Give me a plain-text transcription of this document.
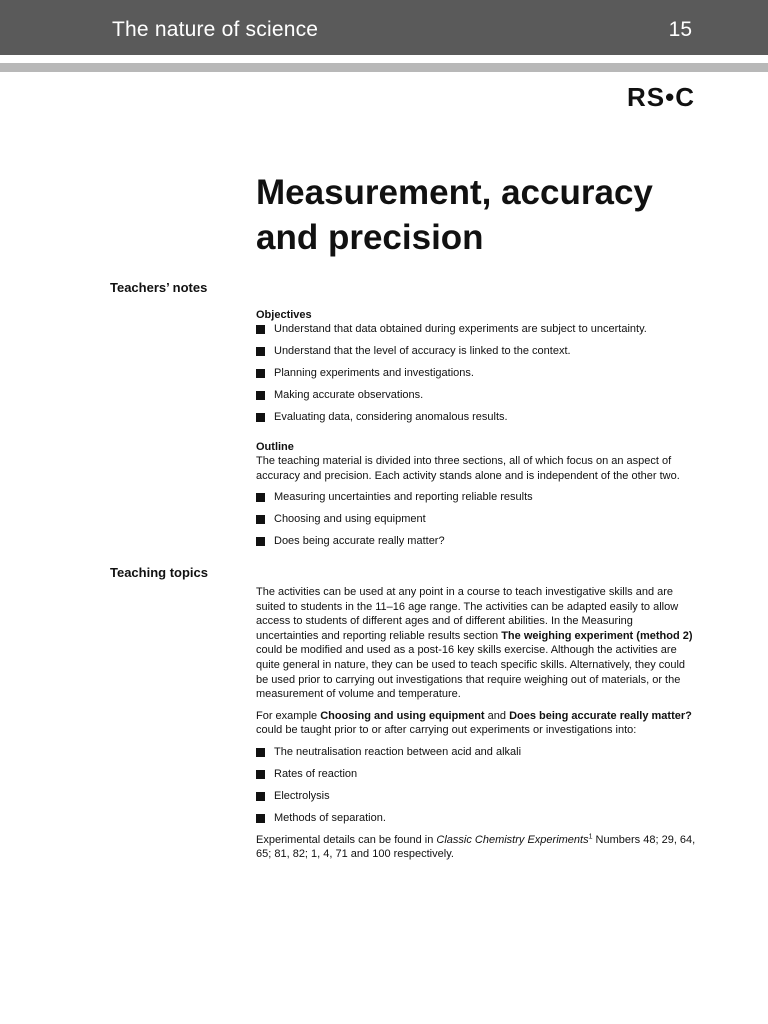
The nature of science	15
RS•C
Measurement, accuracy
and precision
Teachers’ notes
Teaching topics

Objectives

Understand that data obtained during experiments are subject to uncertainty.
Understand that the level of accuracy is linked to the context.
Planning experiments and investigations.
Making accurate observations.
Evaluating data, considering anomalous results.

Outline

The teaching material is divided into three sections, all of which focus on an aspect of accuracy and precision. Each activity stands alone and is independent of the other two.

Measuring uncertainties and reporting reliable results
Choosing and using equipment
Does being accurate really matter?

The activities can be used at any point in a course to teach investigative skills and are suited to students in the 11–16 age range. The activities can be adapted easily to allow access to students of different ages and of different abilities. In the Measuring uncertainties and reporting reliable results section The weighing experiment (method 2) could be modified and used as a post-16 key skills exercise. Although the activities are quite general in nature, they can be used to teach specific skills. Alternatively, they could be used prior to carrying out investigations that require weighing out of materials, or the measurement of volume and temperature.

For example Choosing and using equipment and Does being accurate really matter? could be taught prior to or after carrying out experiments or investigations into:

The neutralisation reaction between acid and alkali
Rates of reaction
Electrolysis
Methods of separation.

Experimental details can be found in Classic Chemistry Experiments$^1$ Numbers 48; 29, 64, 65; 81, 82; 1, 4, 71 and 100 respectively.
